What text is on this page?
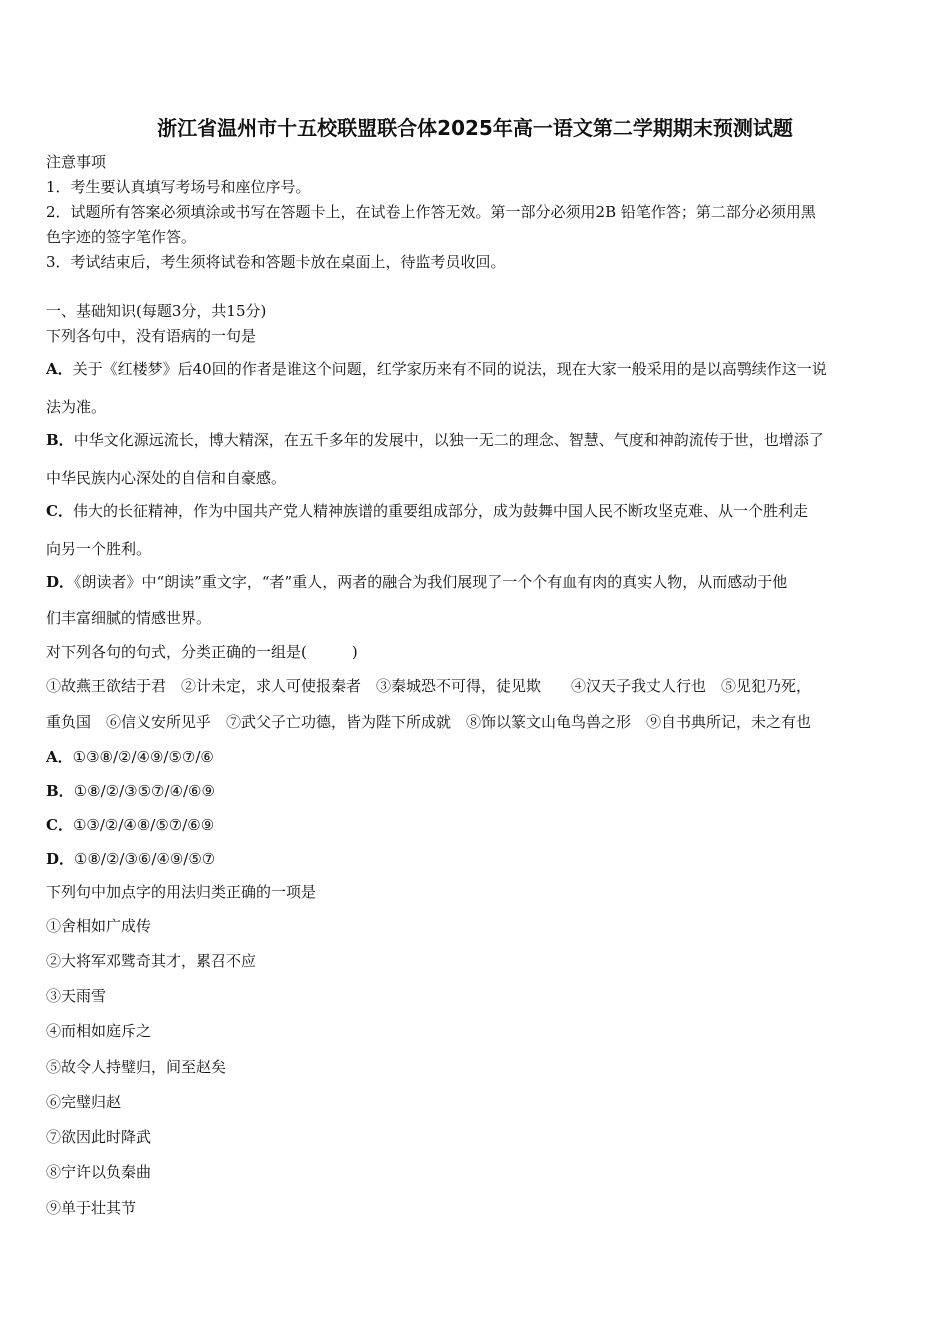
浙江省温州市十五校联盟联合体2025年高一语文第二学期期末预测试题
注意事项
1．考生要认真填写考场号和座位序号。
2．试题所有答案必须填涂或书写在答题卡上，在试卷上作答无效。第一部分必须用2B 铅笔作答；第二部分必须用黑
色字迹的签字笔作答。
3．考试结束后，考生须将试卷和答题卡放在桌面上，待监考员收回。
一、基础知识(每题3分，共15分)
下列各句中，没有语病的一句是
A．关于《红楼梦》后40回的作者是谁这个问题，红学家历来有不同的说法，现在大家一般采用的是以高鹗续作这一说
法为准。
B．中华文化源远流长，博大精深，在五千多年的发展中，以独一无二的理念、智慧、气度和神韵流传于世，也增添了
中华民族内心深处的自信和自豪感。
C．伟大的长征精神，作为中国共产党人精神族谱的重要组成部分，成为鼓舞中国人民不断攻坚克难、从一个胜利走
向另一个胜利。
D．《朗读者》中“朗读”重文字，“者”重人，两者的融合为我们展现了一个个有血有肉的真实人物，从而感动于他
们丰富细腻的情感世界。
对下列各句的句式，分类正确的一组是(　　　)
①故燕王欲结于君　②计未定，求人可使报秦者　③秦城恐不可得，徒见欺　　④汉天子我丈人行也　⑤见犯乃死，
重负国　⑥信义安所见乎　⑦武父子亡功德，皆为陛下所成就　⑧饰以篆文山龟鸟兽之形　⑨自书典所记，未之有也
A．①③⑧/②/④⑨/⑤⑦/⑥
B．①⑧/②/③⑤⑦/④/⑥⑨
C．①③/②/④⑧/⑤⑦/⑥⑨
D．①⑧/②/③⑥/④⑨/⑤⑦
下列句中加点字的用法归类正确的一项是
①舍相如广成传
②大将军邓骘奇其才，累召不应
③天雨雪
④而相如庭斥之
⑤故令人持璧归，间至赵矣
⑥完璧归赵
⑦欲因此时降武
⑧宁许以负秦曲
⑨单于壮其节
